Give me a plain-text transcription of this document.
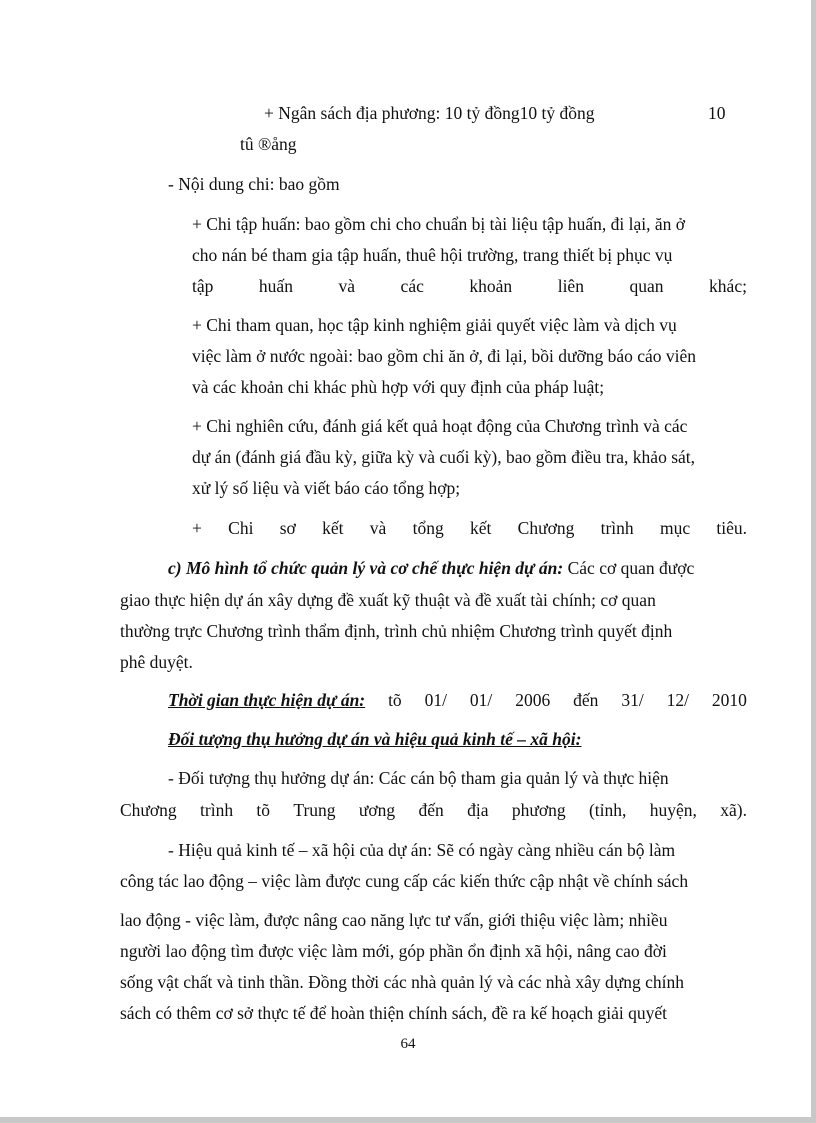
+ Ngân sách địa phương: 10 tỷ đồng10 tỷ đồng	10
tû ®ång
- Nội dung chi: bao gồm
+ Chi tập huấn: bao gồm chi cho chuẩn bị tài liệu tập huấn, đi lại, ăn ở
cho nán bé tham gia tập huấn, thuê hội trường, trang thiết bị phục vụ
tập	huấn	và	các	khoản	liên	quan	khác;
+ Chi tham quan, học tập kinh nghiệm giải quyết việc làm và dịch vụ
việc làm ở nước ngoài: bao gồm chi ăn ở, đi lại, bồi dưỡng báo cáo viên
và các khoản chi khác phù hợp với quy định của pháp luật;
+ Chi nghiên cứu, đánh giá kết quả hoạt động của Chương trình và các
dự án (đánh giá đầu kỳ, giữa kỳ và cuối kỳ), bao gồm điều tra, khảo sát,
xử lý số liệu và viết báo cáo tổng hợp;
+ Chi sơ kết và tổng kết Chương trình mục tiêu.
c) Mô hình tổ chức quản lý và cơ chế thực hiện dự án: Các cơ quan được
giao thực hiện dự án xây dựng đề xuất kỹ thuật và đề xuất tài chính; cơ quan
thường trực Chương trình thẩm định, trình chủ nhiệm Chương trình quyết định
phê duyệt.
Thời gian thực hiện dự án: tõ 01/ 01/ 2006 đến 31/ 12/ 2010
Đối tượng thụ hưởng dự án và hiệu quả kinh tế – xã hội:
- Đối tượng thụ hưởng dự án: Các cán bộ tham gia quản lý và thực hiện
Chương trình tõ Trung ương đến địa phương (tỉnh, huyện, xã).
- Hiệu quả kinh tế – xã hội của dự án: Sẽ có ngày càng nhiều cán bộ làm
công tác lao động – việc làm được cung cấp các kiến thức cập nhật về chính sách
lao động - việc làm, được nâng cao năng lực tư vấn, giới thiệu việc làm; nhiều
người lao động tìm được việc làm mới, góp phần ổn định xã hội, nâng cao đời
sống vật chất và tinh thần. Đồng thời các nhà quản lý và các nhà xây dựng chính
sách có thêm cơ sở thực tế để hoàn thiện chính sách, đề ra kế hoạch giải quyết
64
